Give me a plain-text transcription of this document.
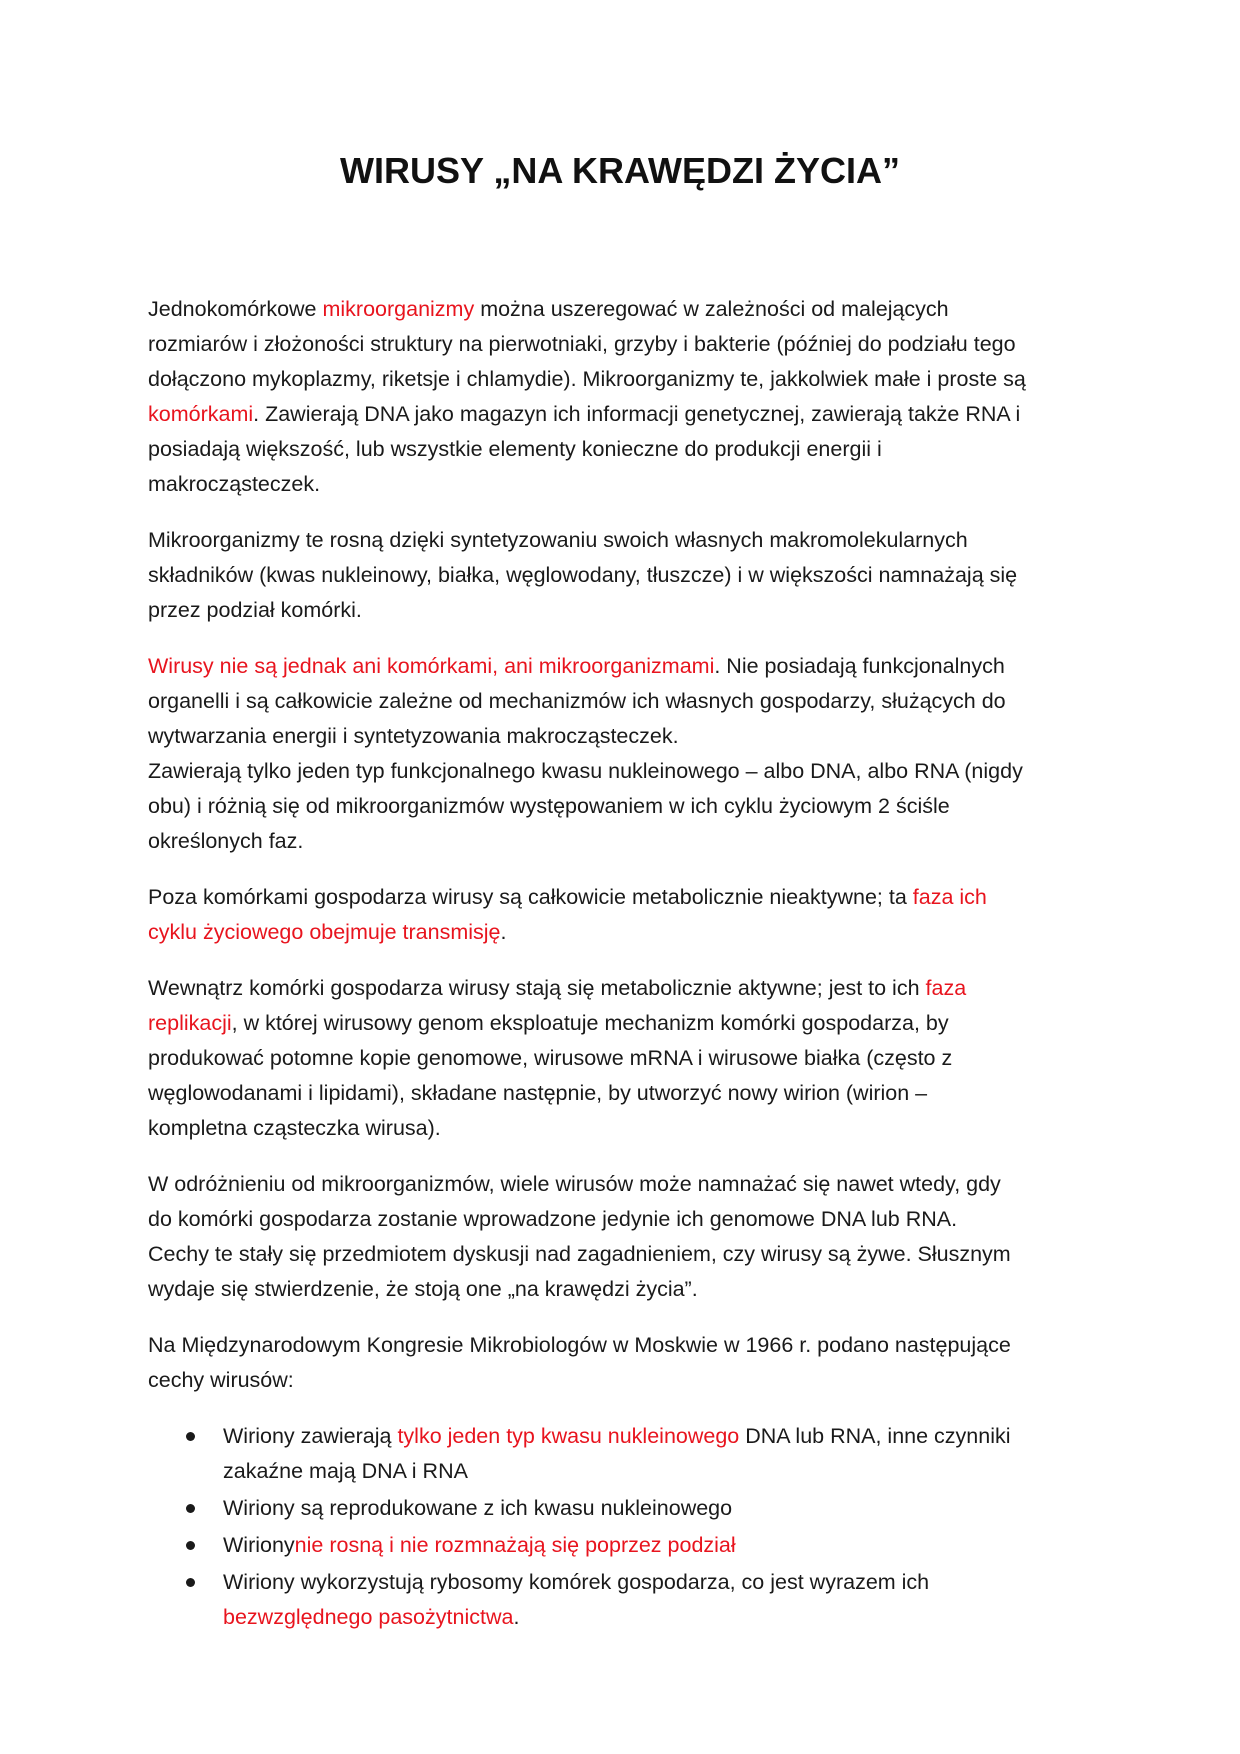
WIRUSY „NA KRAWĘDZI ŻYCIA”

Jednokomórkowe mikroorganizmy można uszeregować w zależności od malejących
rozmiarów i złożoności struktury na pierwotniaki, grzyby i bakterie (później do podziału tego
dołączono mykoplazmy, riketsje i chlamydie). Mikroorganizmy te, jakkolwiek małe i proste są
komórkami. Zawierają DNA jako magazyn ich informacji genetycznej, zawierają także RNA i
posiadają większość, lub wszystkie elementy konieczne do produkcji energii i
makrocząsteczek.

Mikroorganizmy te rosną dzięki syntetyzowaniu swoich własnych makromolekularnych
składników (kwas nukleinowy, białka, węglowodany, tłuszcze) i w większości namnażają się
przez podział komórki.

Wirusy nie są jednak ani komórkami, ani mikroorganizmami. Nie posiadają funkcjonalnych
organelli i są całkowicie zależne od mechanizmów ich własnych gospodarzy, służących do
wytwarzania energii i syntetyzowania makrocząsteczek.
Zawierają tylko jeden typ funkcjonalnego kwasu nukleinowego – albo DNA, albo RNA (nigdy
obu) i różnią się od mikroorganizmów występowaniem w ich cyklu życiowym 2 ściśle
określonych faz.

Poza komórkami gospodarza wirusy są całkowicie metabolicznie nieaktywne; ta faza ich
cyklu życiowego obejmuje transmisję.

Wewnątrz komórki gospodarza wirusy stają się metabolicznie aktywne; jest to ich faza
replikacji, w której wirusowy genom eksploatuje mechanizm komórki gospodarza, by
produkować potomne kopie genomowe, wirusowe mRNA i wirusowe białka (często z
węglowodanami i lipidami), składane następnie, by utworzyć nowy wirion (wirion –
kompletna cząsteczka wirusa).

W odróżnieniu od mikroorganizmów, wiele wirusów może namnażać się nawet wtedy, gdy
do komórki gospodarza zostanie wprowadzone jedynie ich genomowe DNA lub RNA.
Cechy te stały się przedmiotem dyskusji nad zagadnieniem, czy wirusy są żywe. Słusznym
wydaje się stwierdzenie, że stoją one „na krawędzi życia”.

Na Międzynarodowym Kongresie Mikrobiologów w Moskwie w 1966 r. podano następujące
cechy wirusów:

Wiriony zawierają tylko jeden typ kwasu nukleinowego DNA lub RNA, inne czynniki
zakaźne mają DNA i RNA
Wiriony są reprodukowane z ich kwasu nukleinowego
Wirionynie rosną i nie rozmnażają się poprzez podział
Wiriony wykorzystują rybosomy komórek gospodarza, co jest wyrazem ich
bezwzględnego pasożytnictwa.
